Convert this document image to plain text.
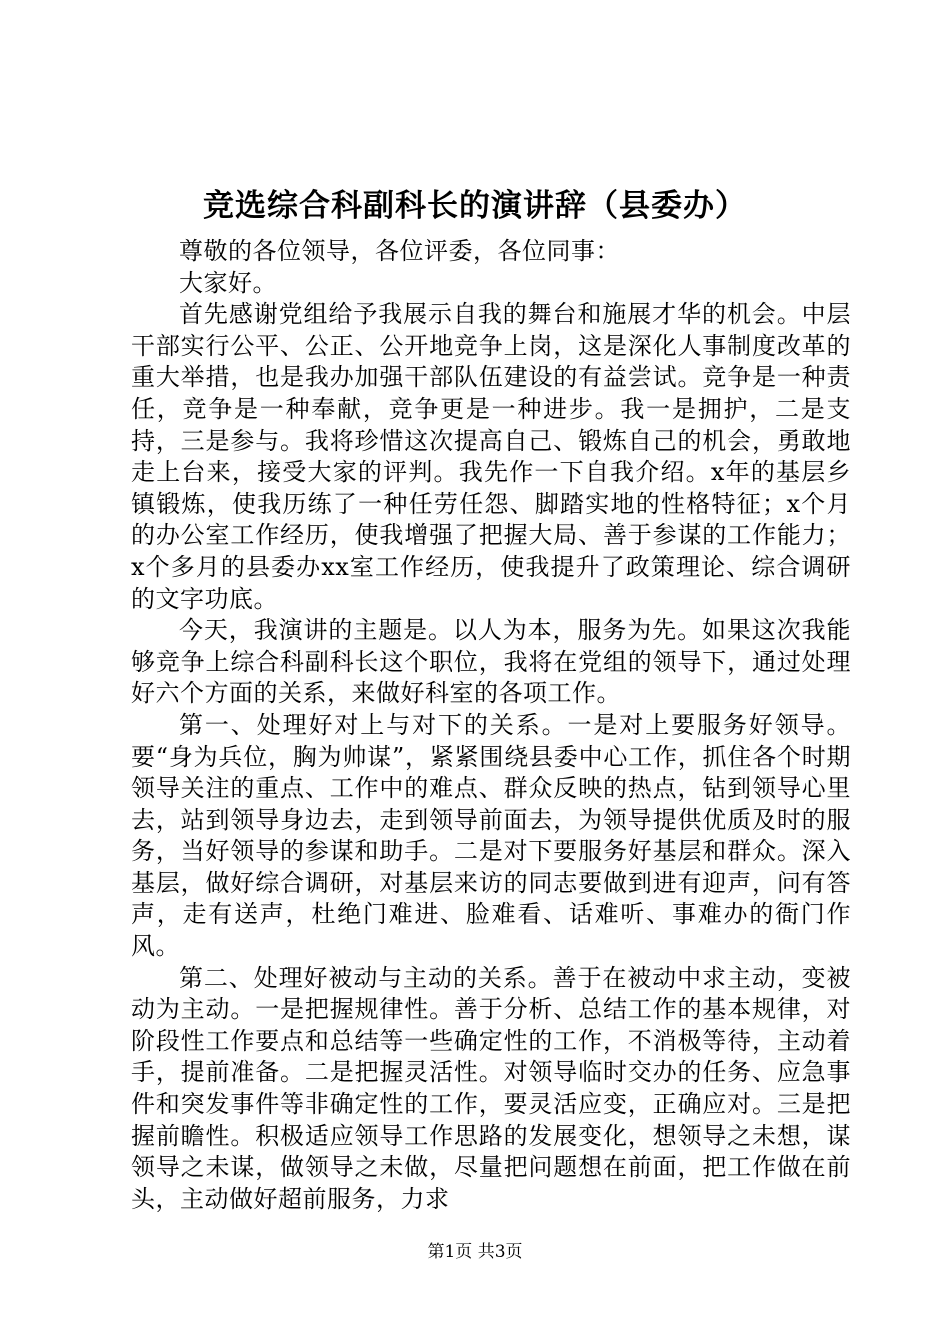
竞选综合科副科长的演讲辞（县委办）

尊敬的各位领导，各位评委，各位同事：

大家好。

首先感谢党组给予我展示自我的舞台和施展才华的机会。中层干部实行公平、公正、公开地竞争上岗，这是深化人事制度改革的重大举措，也是我办加强干部队伍建设的有益尝试。竞争是一种责任，竞争是一种奉献，竞争更是一种进步。我一是拥护，二是支持，三是参与。我将珍惜这次提高自己、锻炼自己的机会，勇敢地走上台来，接受大家的评判。我先作一下自我介绍。x年的基层乡镇锻炼，使我历练了一种任劳任怨、脚踏实地的性格特征；x个月的办公室工作经历，使我增强了把握大局、善于参谋的工作能力；x个多月的县委办xx室工作经历，使我提升了政策理论、综合调研的文字功底。

今天，我演讲的主题是。以人为本，服务为先。如果这次我能够竞争上综合科副科长这个职位，我将在党组的领导下，通过处理好六个方面的关系，来做好科室的各项工作。

第一、处理好对上与对下的关系。一是对上要服务好领导。要“身为兵位，胸为帅谋”，紧紧围绕县委中心工作，抓住各个时期领导关注的重点、工作中的难点、群众反映的热点，钻到领导心里去，站到领导身边去，走到领导前面去，为领导提供优质及时的服务，当好领导的参谋和助手。二是对下要服务好基层和群众。深入基层，做好综合调研，对基层来访的同志要做到进有迎声，问有答声，走有送声，杜绝门难进、脸难看、话难听、事难办的衙门作风。

第二、处理好被动与主动的关系。善于在被动中求主动，变被动为主动。一是把握规律性。善于分析、总结工作的基本规律，对阶段性工作要点和总结等一些确定性的工作，不消极等待，主动着手，提前准备。二是把握灵活性。对领导临时交办的任务、应急事件和突发事件等非确定性的工作，要灵活应变，正确应对。三是把握前瞻性。积极适应领导工作思路的发展变化，想领导之未想，谋领导之未谋，做领导之未做，尽量把问题想在前面，把工作做在前头，主动做好超前服务，力求

第1页 共3页
